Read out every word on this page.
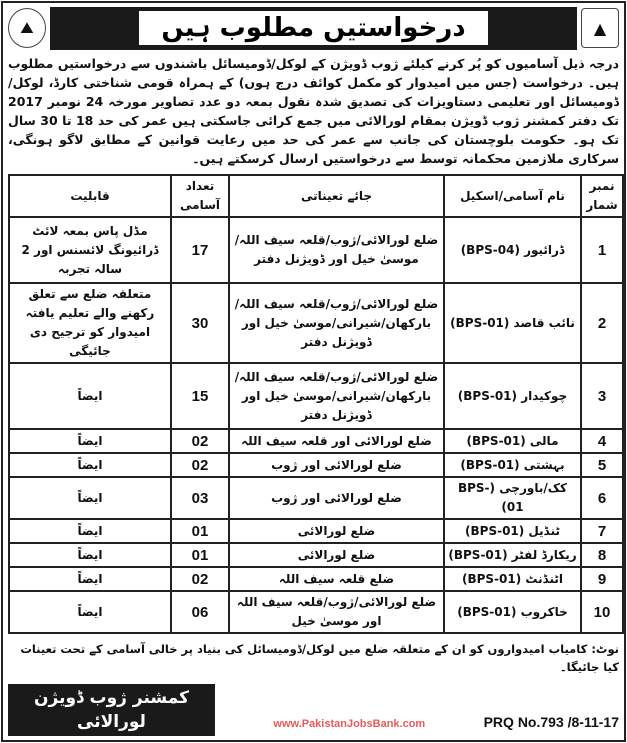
⛰	درخواستیں مطلوب ہیں	▲
درجہ ذیل آسامیوں کو پُر کرنے کیلئے ژوب ڈویژن کے لوکل/ڈومیسائل باشندوں سے درخواستیں مطلوب ہیں۔ درخواست (جس میں امیدوار کو مکمل کوائف درج ہوں) کے ہمراہ قومی شناختی کارڈ، لوکل/ڈومیسائل اور تعلیمی دستاویزات کی تصدیق شدہ نقول بمعہ دو عدد تصاویر مورخہ 24 نومبر 2017 تک دفتر کمشنر ژوب ڈویژن بمقام لورالائی میں جمع کرائی جاسکتی ہیں عمر کی حد 18 تا 30 سال تک ہو۔ حکومت بلوچستان کی جانب سے عمر کی حد میں رعایت قوانین کے مطابق لاگو ہونگی، سرکاری ملازمین محکمانہ توسط سے درخواستیں ارسال کرسکتے ہیں۔
نمبر شمار	نام آسامی/اسکیل	جائے تعیناتی	تعداد آسامی	قابلیت
1	ڈرائیور (BPS-04)	ضلع لورالائی/ژوب/قلعہ سیف اللہ/موسیٰ خیل اور ڈویژنل دفتر	17	مڈل پاس بمعہ لائٹ ڈرائیونگ لائسنس اور 2 سالہ تجربہ
2	نائب قاصد (BPS-01)	ضلع لورالائی/ژوب/قلعہ سیف اللہ/بارکھان/شیرانی/موسیٰ خیل اور ڈویژنل دفتر	30	متعلقہ ضلع سے تعلق رکھنے والے تعلیم یافتہ امیدوار کو ترجیح دی جائیگی
3	چوکیدار (BPS-01)	ضلع لورالائی/ژوب/قلعہ سیف اللہ/بارکھان/شیرانی/موسیٰ خیل اور ڈویژنل دفتر	15	ایضاً
4	مالی (BPS-01)	ضلع لورالائی اور قلعہ سیف اللہ	02	ایضاً
5	بہشتی (BPS-01)	ضلع لورالائی اور ژوب	02	ایضاً
6	کک/باورچی (BPS-01)	ضلع لورالائی اور ژوب	03	ایضاً
7	ٹنڈیل (BPS-01)	ضلع لورالائی	01	ایضاً
8	ریکارڈ لفٹر (BPS-01)	ضلع لورالائی	01	ایضاً
9	اٹنڈنٹ (BPS-01)	ضلع قلعہ سیف اللہ	02	ایضاً
10	خاکروب (BPS-01)	ضلع لورالائی/ژوب/قلعہ سیف اللہ اور موسیٰ خیل	06	ایضاً
نوٹ: کامیاب امیدواروں کو ان کے متعلقہ ضلع میں لوکل/ڈومیسائل کی بنیاد پر خالی آسامی کے تحت تعینات کیا جائیگا۔
کمشنر ژوب ڈویژن
لورالائی	www.PakistanJobsBank.com	PRQ No.793 /8-11-17
